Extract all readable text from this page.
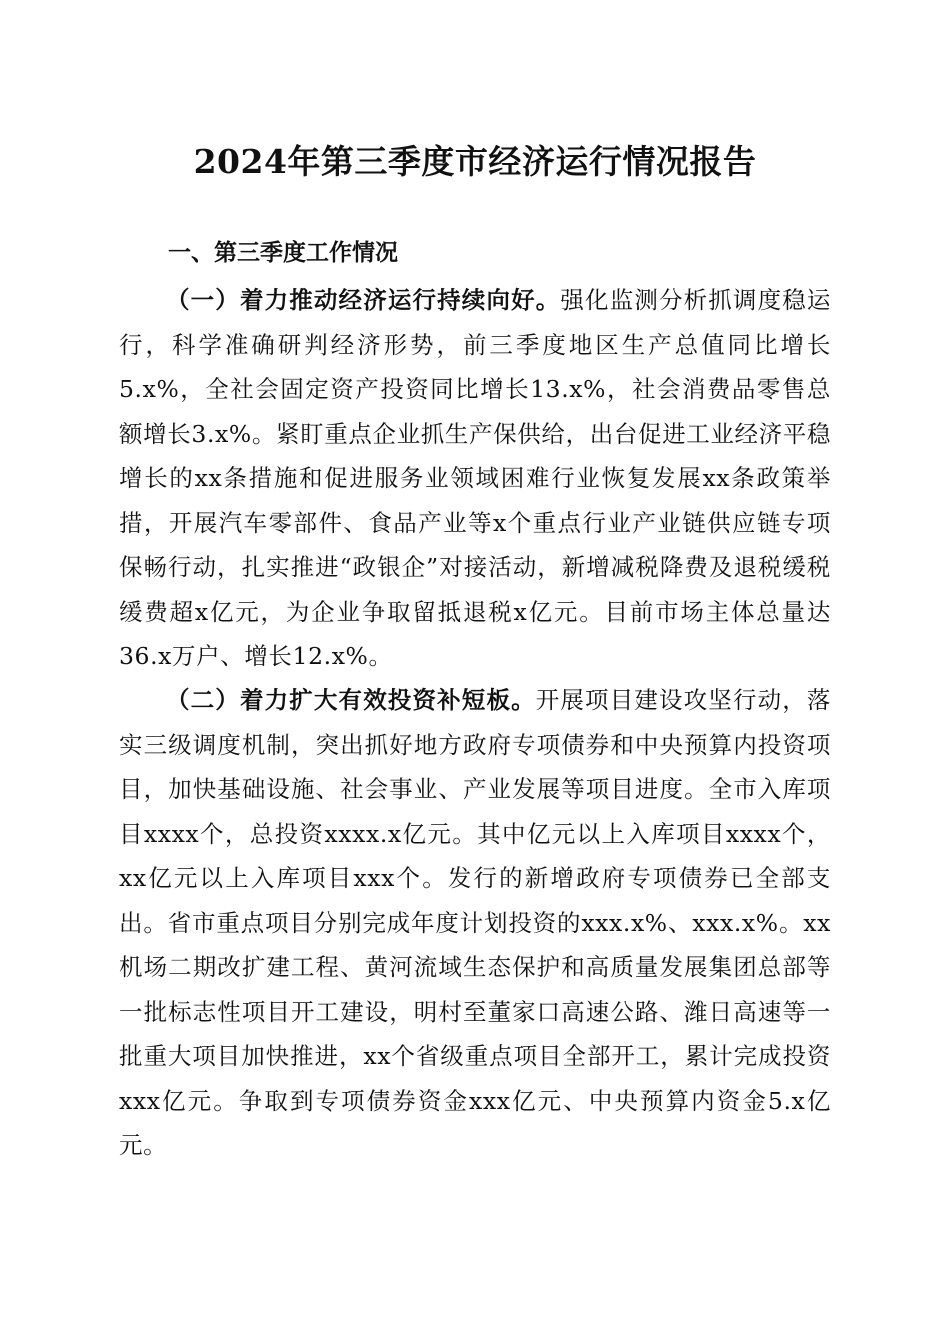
2024年第三季度市经济运行情况报告
一、第三季度工作情况

（一）着力推动经济运行持续向好。强化监测分析抓调度稳运行，科学准确研判经济形势，前三季度地区生产总值同比增长5.x%，全社会固定资产投资同比增长13.x%，社会消费品零售总额增长3.x%。紧盯重点企业抓生产保供给，出台促进工业经济平稳增长的xx条措施和促进服务业领域困难行业恢复发展xx条政策举措，开展汽车零部件、食品产业等x个重点行业产业链供应链专项保畅行动，扎实推进“政银企”对接活动，新增减税降费及退税缓税缓费超x亿元，为企业争取留抵退税x亿元。目前市场主体总量达36.x万户、增长12.x%。

（二）着力扩大有效投资补短板。开展项目建设攻坚行动，落实三级调度机制，突出抓好地方政府专项债券和中央预算内投资项目，加快基础设施、社会事业、产业发展等项目进度。全市入库项目xxxx个，总投资xxxx.x亿元。其中亿元以上入库项目xxxx个，xx亿元以上入库项目xxx个。发行的新增政府专项债券已全部支出。省市重点项目分别完成年度计划投资的xxx.x%、xxx.x%。xx机场二期改扩建工程、黄河流域生态保护和高质量发展集团总部等一批标志性项目开工建设，明村至董家口高速公路、潍日高速等一批重大项目加快推进，xx个省级重点项目全部开工，累计完成投资xxx亿元。争取到专项债券资金xxx亿元、中央预算内资金5.x亿元。
